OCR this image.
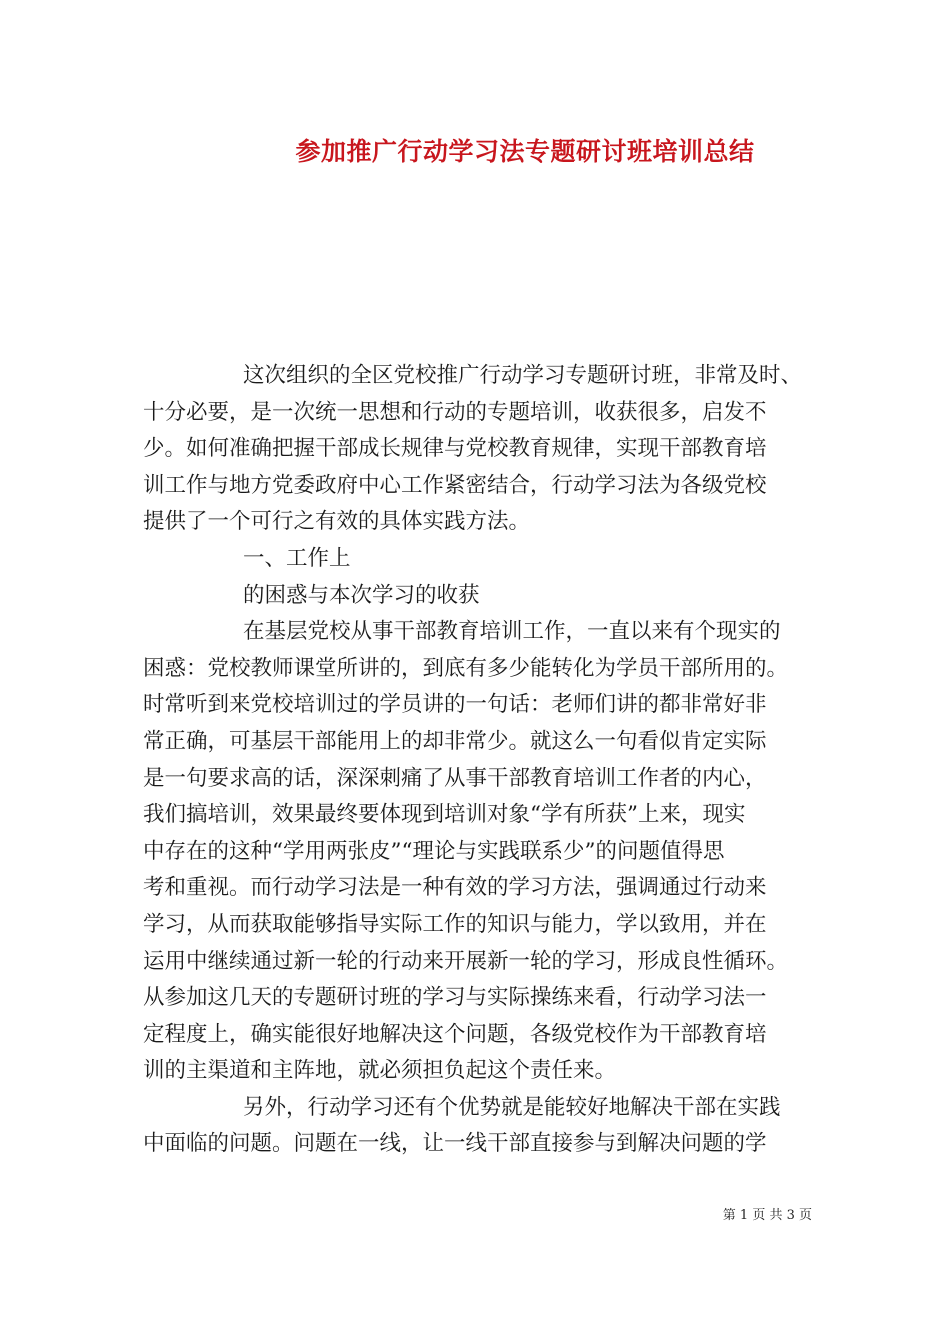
参加推广行动学习法专题研讨班培训总结
这次组织的全区党校推广行动学习专题研讨班，非常及时、
十分必要，是一次统一思想和行动的专题培训，收获很多，启发不
少。如何准确把握干部成长规律与党校教育规律，实现干部教育培
训工作与地方党委政府中心工作紧密结合，行动学习法为各级党校
提供了一个可行之有效的具体实践方法。
一、工作上
的困惑与本次学习的收获
在基层党校从事干部教育培训工作，一直以来有个现实的
困惑：党校教师课堂所讲的，到底有多少能转化为学员干部所用的。
时常听到来党校培训过的学员讲的一句话：老师们讲的都非常好非
常正确，可基层干部能用上的却非常少。就这么一句看似肯定实际
是一句要求高的话，深深刺痛了从事干部教育培训工作者的内心，
我们搞培训，效果最终要体现到培训对象“学有所获”上来，现实
中存在的这种“学用两张皮”“理论与实践联系少”的问题值得思
考和重视。而行动学习法是一种有效的学习方法，强调通过行动来
学习，从而获取能够指导实际工作的知识与能力，学以致用，并在
运用中继续通过新一轮的行动来开展新一轮的学习，形成良性循环。
从参加这几天的专题研讨班的学习与实际操练来看，行动学习法一
定程度上，确实能很好地解决这个问题，各级党校作为干部教育培
训的主渠道和主阵地，就必须担负起这个责任来。
另外，行动学习还有个优势就是能较好地解决干部在实践
中面临的问题。问题在一线，让一线干部直接参与到解决问题的学
第 1 页 共 3 页
